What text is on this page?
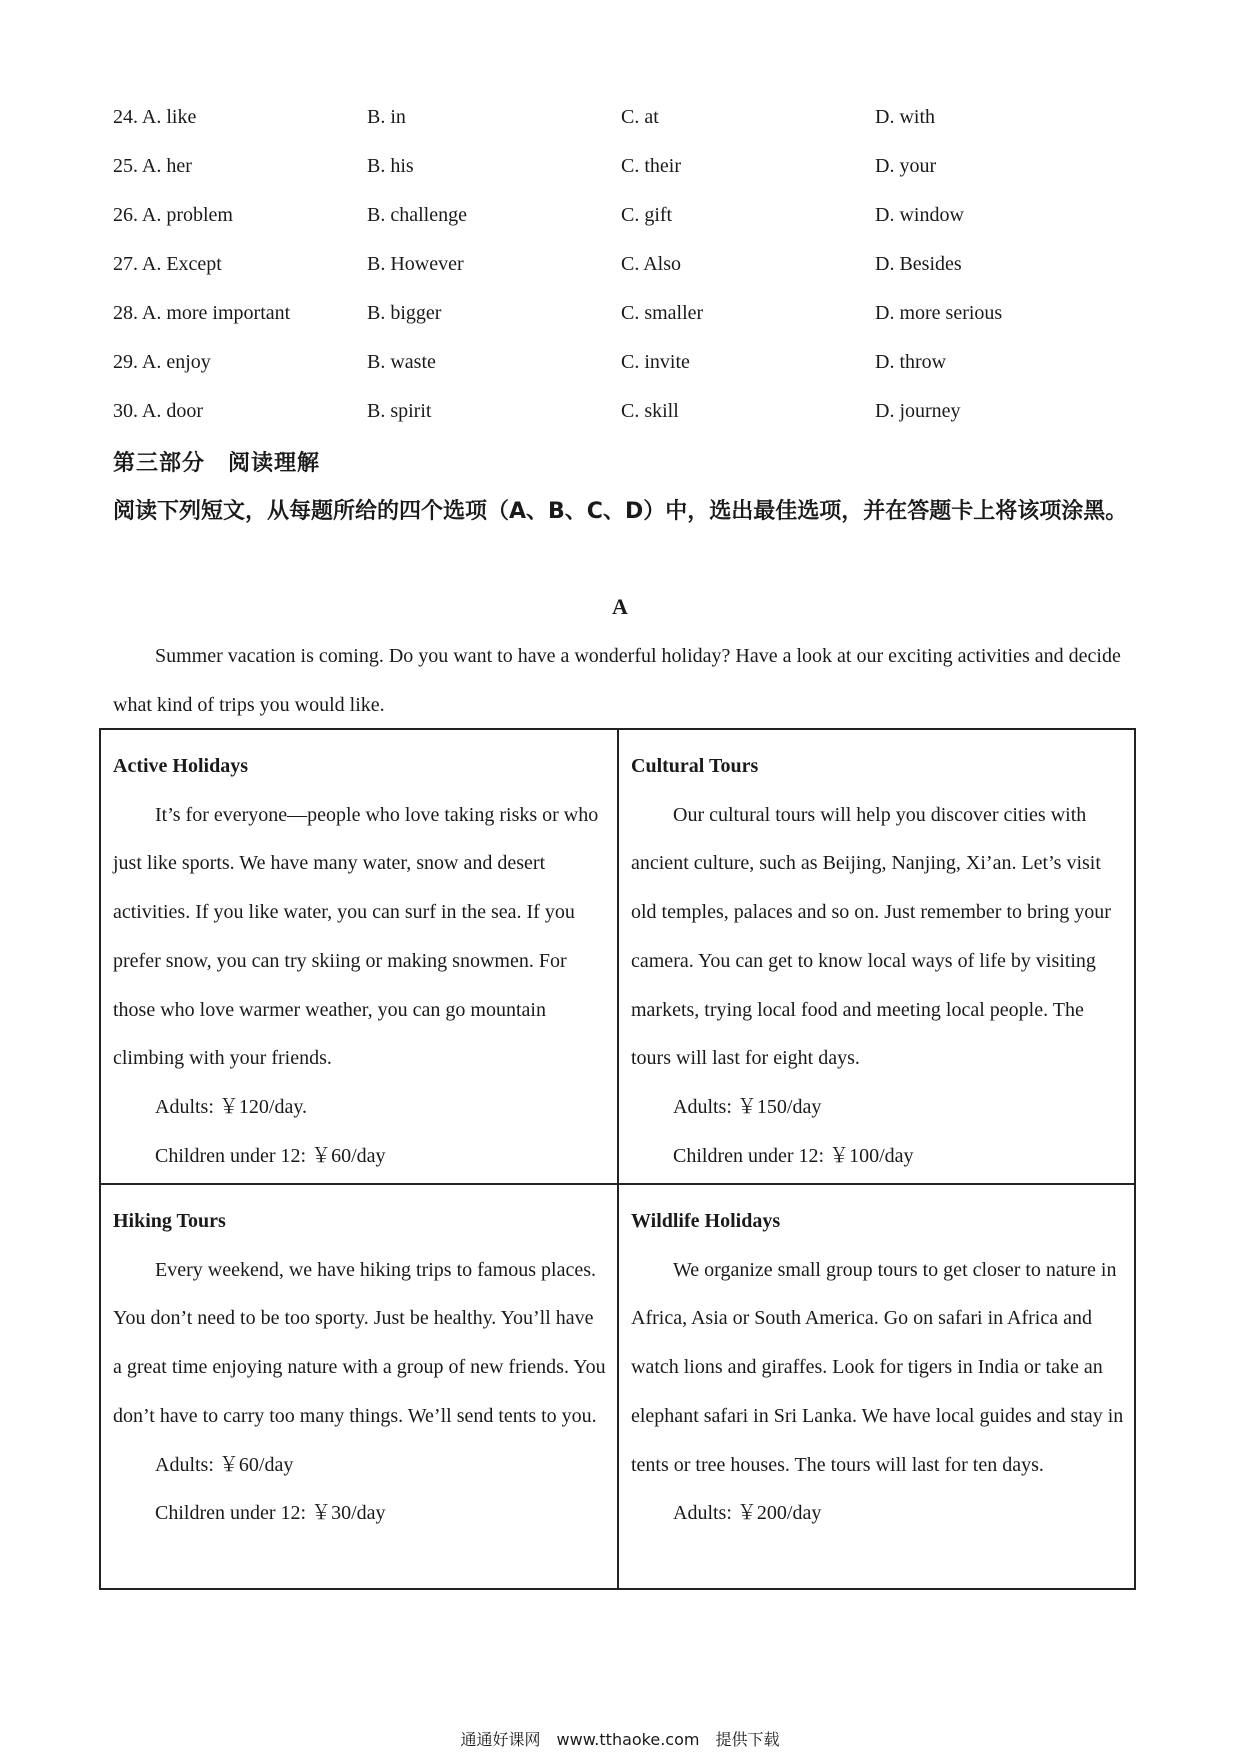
24. A. like	B. in	C. at	D. with
25. A. her	B. his	C. their	D. your
26. A. problem	B. challenge	C. gift	D. window
27. A. Except	B. However	C. Also	D. Besides
28. A. more important	B. bigger	C. smaller	D. more serious
29. A. enjoy	B. waste	C. invite	D. throw
30. A. door	B. spirit	C. skill	D. journey
第三部分　阅读理解
阅读下列短文，从每题所给的四个选项（A、B、C、D）中，选出最佳选项，并在答题卡上将该项涂黑。
A
Summer vacation is coming. Do you want to have a wonderful holiday? Have a look at our exciting activities and decide what kind of trips you would like.
Active Holidays

It’s for everyone—people who love taking risks or who just like sports. We have many water, snow and desert activities. If you like water, you can surf in the sea. If you prefer snow, you can try skiing or making snowmen. For those who love warmer weather, you can go mountain climbing with your friends.

Adults: ￥120/day.
Children under 12: ￥60/day
Cultural Tours

Our cultural tours will help you discover cities with ancient culture, such as Beijing, Nanjing, Xi’an. Let’s visit old temples, palaces and so on. Just remember to bring your camera. You can get to know local ways of life by visiting markets, trying local food and meeting local people. The tours will last for eight days.

Adults: ￥150/day
Children under 12: ￥100/day
Hiking Tours

Every weekend, we have hiking trips to famous places. You don’t need to be too sporty. Just be healthy. You’ll have a great time enjoying nature with a group of new friends. You don’t have to carry too many things. We’ll send tents to you.

Adults: ￥60/day
Children under 12: ￥30/day
Wildlife Holidays

We organize small group tours to get closer to nature in Africa, Asia or South America. Go on safari in Africa and watch lions and giraffes. Look for tigers in India or take an elephant safari in Sri Lanka. We have local guides and stay in tents or tree houses. The tours will last for ten days.

Adults: ￥200/day
通通好课网　www.tthaoke.com　提供下载
